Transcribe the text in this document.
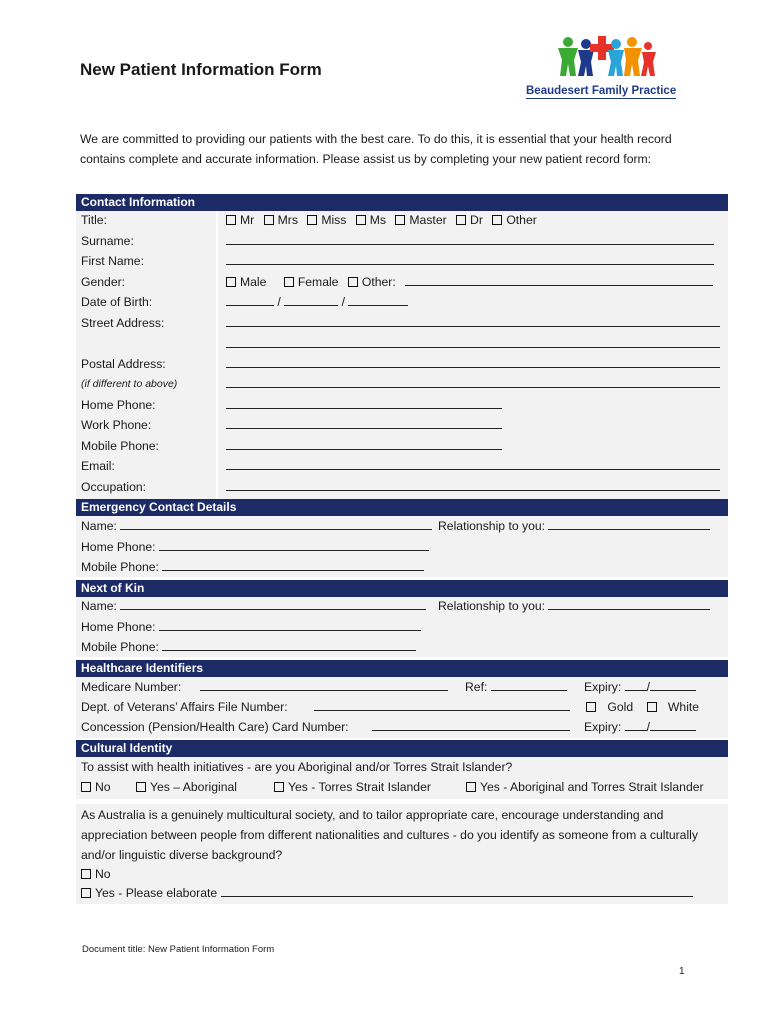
New Patient Information Form
Beaudesert Family Practice
We are committed to providing our patients with the best care. To do this, it is essential that your health record contains complete and accurate information. Please assist us by completing your new patient record form:
Contact Information
Title:	Mr Mrs Miss Ms Master Dr Other
Surname:
First Name:
Gender:	Male	Female Other:
Date of Birth:	/	/
Street Address:
Postal Address:
(if different to above)
Home Phone:
Work Phone:
Mobile Phone:
Email:
Occupation:
Emergency Contact Details
Name:	Relationship to you:
Home Phone:
Mobile Phone:
Next of Kin
Name:	Relationship to you:
Home Phone:
Mobile Phone:
Healthcare Identifiers
Medicare Number:	Ref:	Expiry: /
Dept. of Veterans’ Affairs File Number:	Gold	White
Concession (Pension/Health Care) Card Number:	Expiry: /
Cultural Identity
To assist with health initiatives - are you Aboriginal and/or Torres Strait Islander?
No	Yes – Aboriginal	Yes - Torres Strait Islander	Yes - Aboriginal and Torres Strait Islander
As Australia is a genuinely multicultural society, and to tailor appropriate care, encourage understanding and appreciation between people from different nationalities and cultures - do you identify as someone from a culturally and/or linguistic diverse background?
No
Yes - Please elaborate
Document title: New Patient Information Form
1
